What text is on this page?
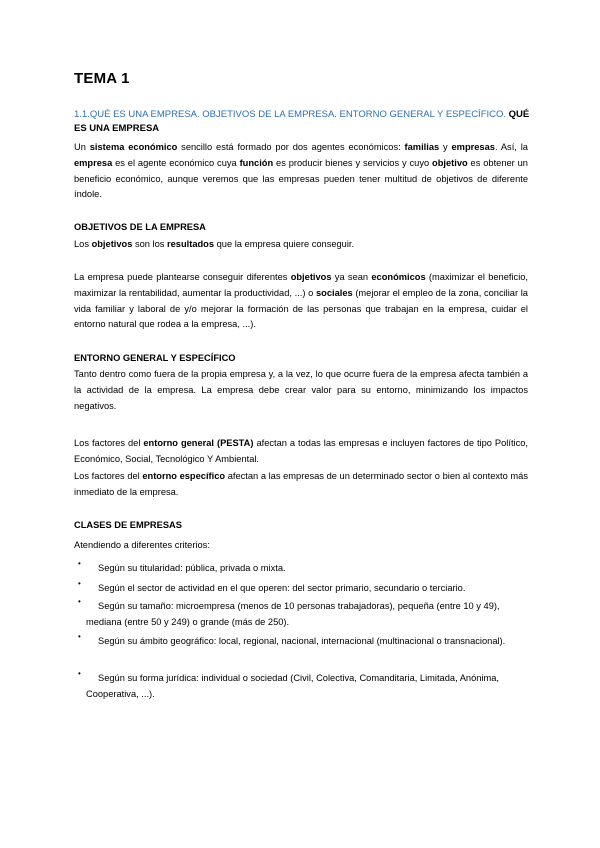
TEMA 1
1.1.QUÉ ES UNA EMPRESA. OBJETIVOS DE LA EMPRESA. ENTORNO GENERAL Y ESPECÍFICO. QUÉ
ES UNA EMPRESA
Un sistema económico sencillo está formado por dos agentes económicos: familias y empresas. Así, la empresa es el agente económico cuya función es producir bienes y servicios y cuyo objetivo es obtener un beneficio económico, aunque veremos que las empresas pueden tener multitud de objetivos de diferente índole.
OBJETIVOS DE LA EMPRESA
Los objetivos son los resultados que la empresa quiere conseguir.
La empresa puede plantearse conseguir diferentes objetivos ya sean económicos (maximizar el beneficio, maximizar la rentabilidad, aumentar la productividad, ...) o sociales (mejorar el empleo de la zona, conciliar la vida familiar y laboral de y/o mejorar la formación de las personas que trabajan en la empresa, cuidar el entorno natural que rodea a la empresa, ...).
ENTORNO GENERAL Y ESPECÍFICO
Tanto dentro como fuera de la propia empresa y, a la vez, lo que ocurre fuera de la empresa afecta también a la actividad de la empresa. La empresa debe crear valor para su entorno, minimizando los impactos negativos.
Los factores del entorno general (PESTA) afectan a todas las empresas e incluyen factores de tipo Político, Económico, Social, Tecnológico Y Ambiental.
Los factores del entorno específico afectan a las empresas de un determinado sector o bien al contexto más inmediato de la empresa.
CLASES DE EMPRESAS
Atendiendo a diferentes criterios:
•	Según su titularidad: pública, privada o mixta.
•	Según el sector de actividad en el que operen: del sector primario, secundario o terciario.
•	Según su tamaño: microempresa (menos de 10 personas trabajadoras), pequeña (entre 10 y 49), mediana (entre 50 y 249) o grande (más de 250).
•	Según su ámbito geográfico: local, regional, nacional, internacional (multinacional o transnacional).
•	Según su forma jurídica: individual o sociedad (Civil, Colectiva, Comanditaria, Limitada, Anónima, Cooperativa, ...).
